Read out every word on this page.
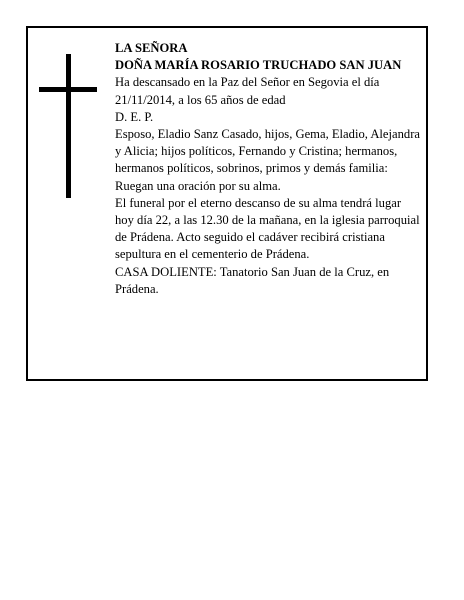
LA SEÑORA

DOÑA MARÍA ROSARIO TRUCHADO SAN JUAN

Ha descansado en la Paz del Señor en Segovia el día 21/11/2014, a los 65 años de edad

D. E. P.

Esposo, Eladio Sanz Casado, hijos, Gema, Eladio, Alejandra y Alicia; hijos políticos, Fernando y Cristina; hermanos, hermanos políticos, sobrinos, primos y demás familia:

Ruegan una oración por su alma.

El funeral por el eterno descanso de su alma tendrá lugar hoy día 22, a las 12.30 de la mañana, en la iglesia parroquial de Prádena. Acto seguido el cadáver recibirá cristiana sepultura en el cementerio de Prádena.

CASA DOLIENTE: Tanatorio San Juan de la Cruz, en Prádena.
